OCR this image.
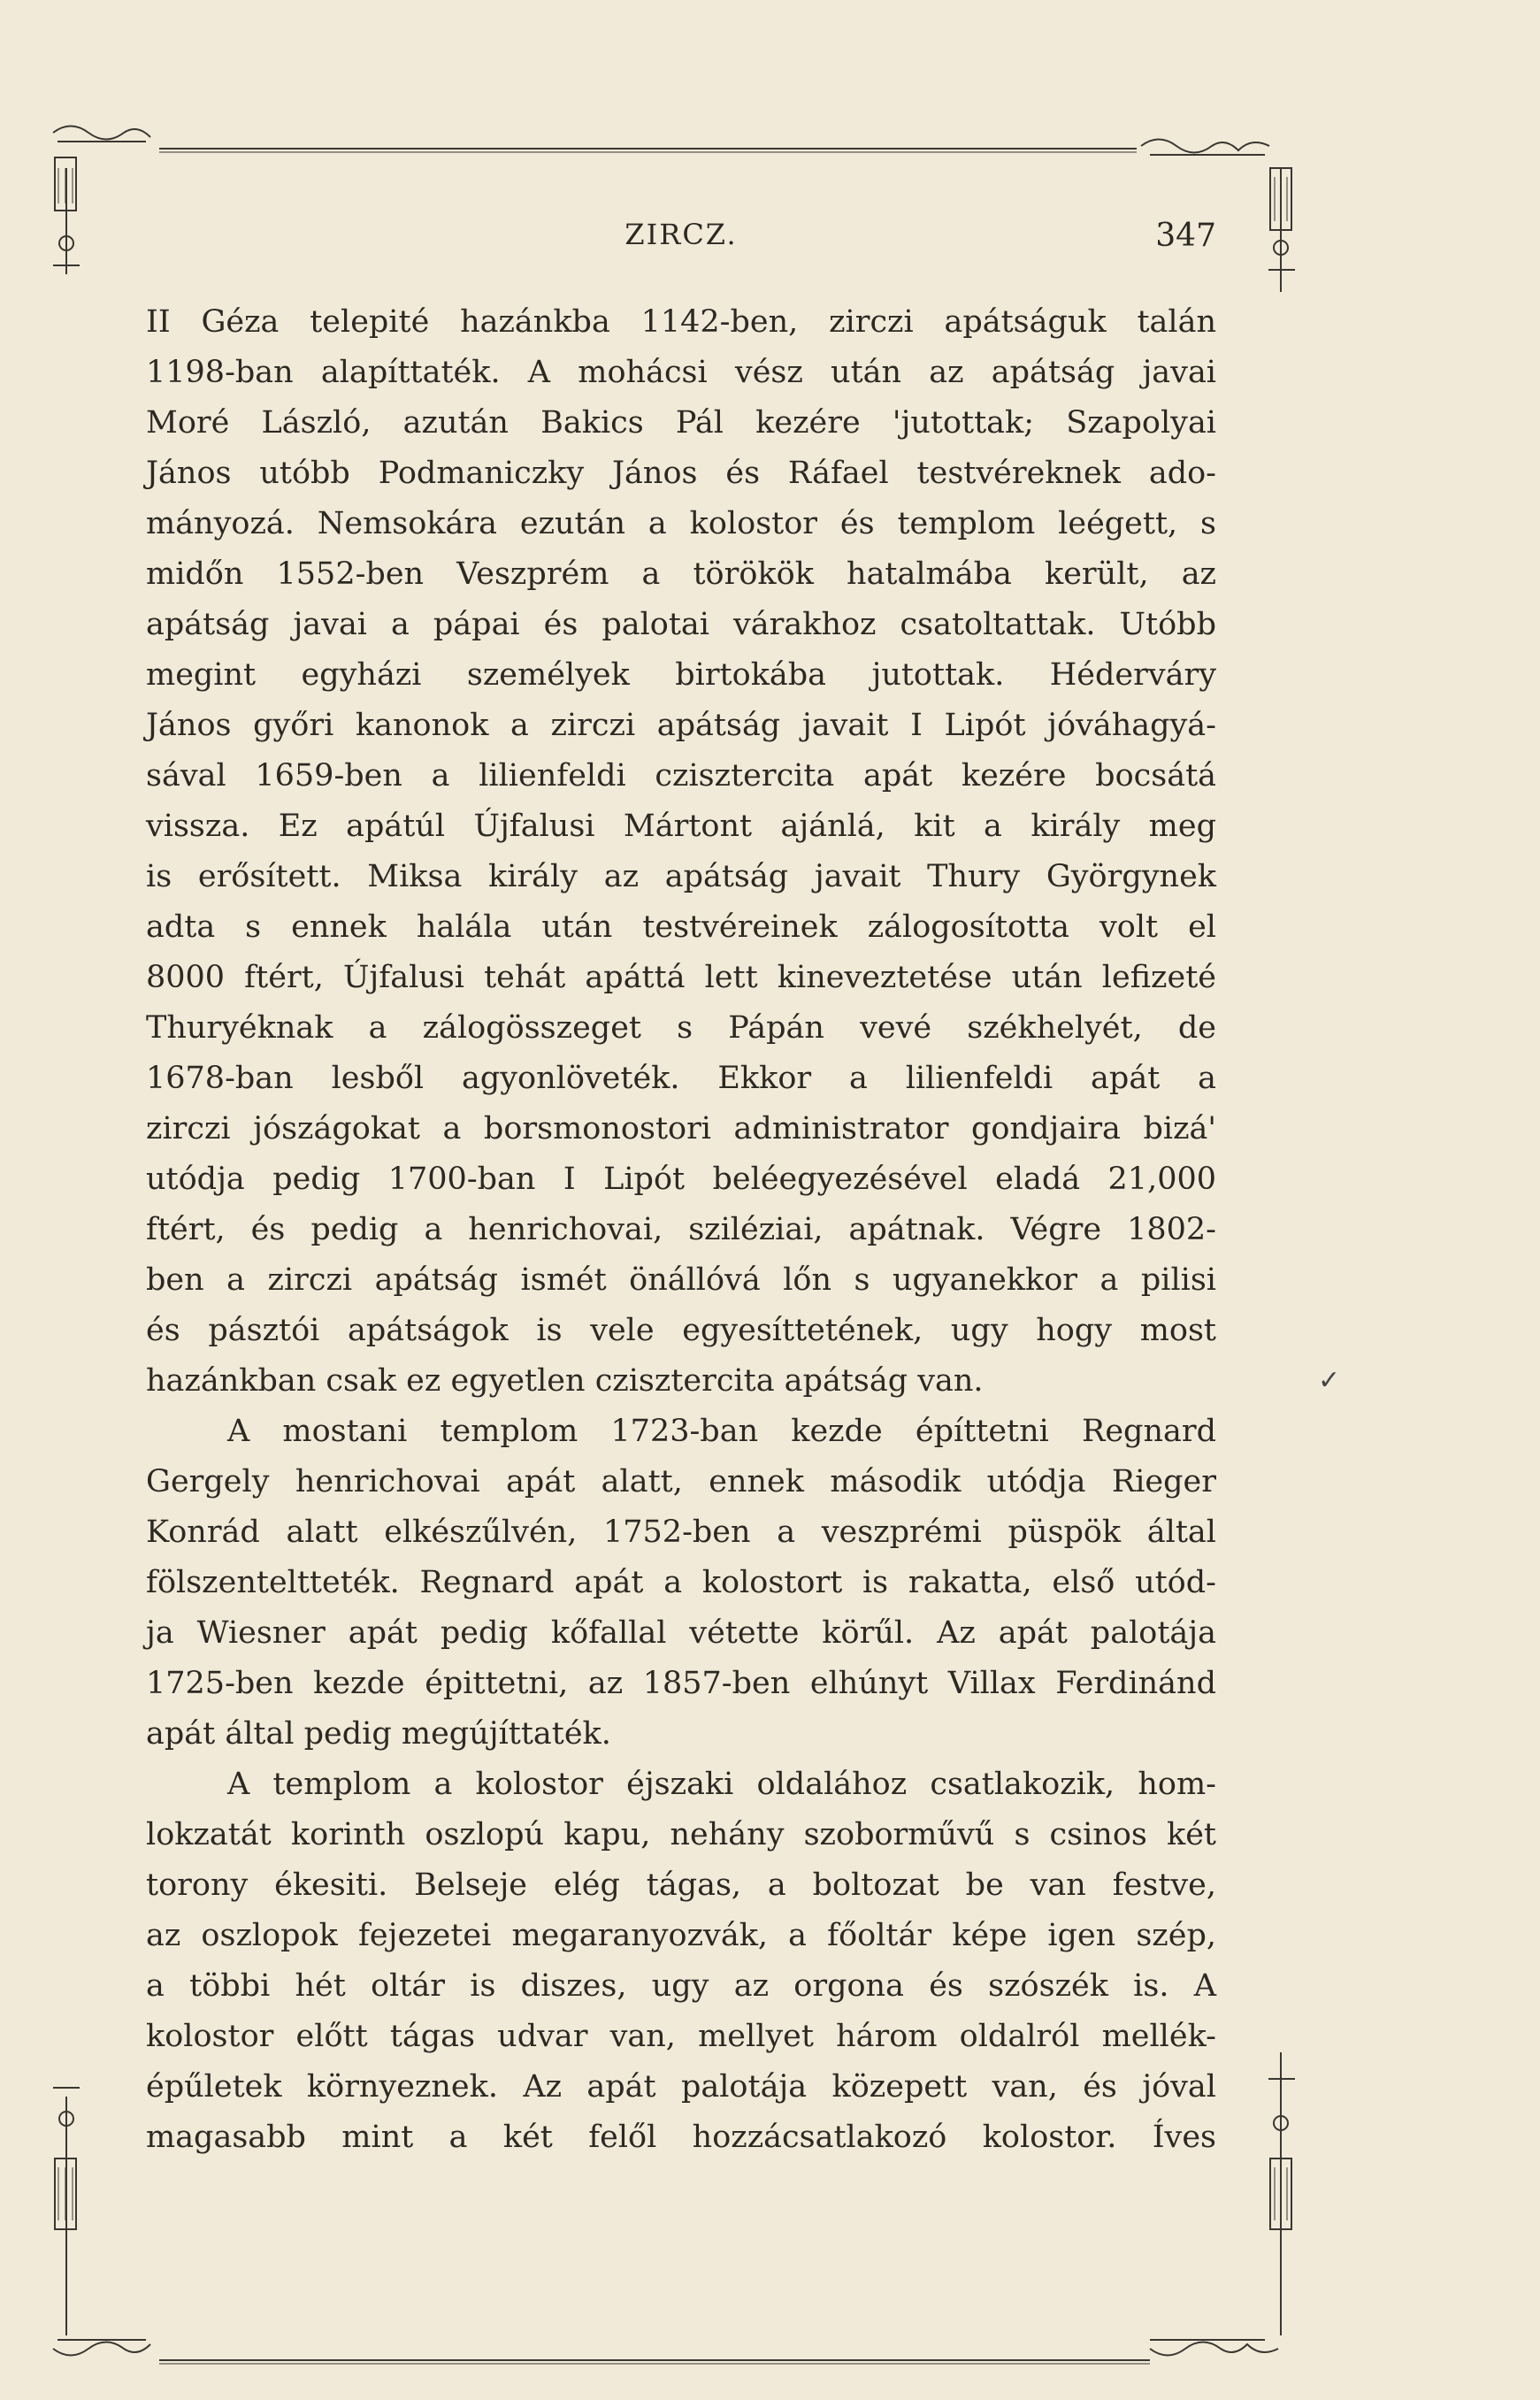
ZIRCZ.	347
II Géza telepité hazánkba 1142-ben, zirczi apátságuk talán
1198-ban alapíttaték. A mohácsi vész után az apátság javai
Moré László, azután Bakics Pál kezére 'jutottak; Szapolyai
János utóbb Podmaniczky János és Ráfael testvéreknek ado-
mányozá. Nemsokára ezután a kolostor és templom leégett, s
midőn 1552-ben Veszprém a törökök hatalmába került, az
apátság javai a pápai és palotai várakhoz csatoltattak. Utóbb
megint egyházi személyek birtokába jutottak. Héderváry
János győri kanonok a zirczi apátság javait I Lipót jóváhagyá-
sával 1659-ben a lilienfeldi czisztercita apát kezére bocsátá
vissza. Ez apátúl Újfalusi Mártont ajánlá, kit a király meg
is erősített. Miksa király az apátság javait Thury Györgynek
adta s ennek halála után testvéreinek zálogosította volt el
8000 ftért, Újfalusi tehát apáttá lett kineveztetése után lefizeté
Thuryéknak a zálogösszeget s Pápán vevé székhelyét, de
1678-ban lesből agyonlöveték. Ekkor a lilienfeldi apát a
zirczi jószágokat a borsmonostori administrator gondjaira bizá'
utódja pedig 1700-ban I Lipót beléegyezésével eladá 21,000
ftért, és pedig a henrichovai, sziléziai, apátnak. Végre 1802-
ben a zirczi apátság ismét önállóvá lőn s ugyanekkor a pilisi
és pásztói apátságok is vele egyesíttetének, ugy hogy most
hazánkban csak ez egyetlen czisztercita apátság van.
A mostani templom 1723-ban kezde építtetni Regnard
Gergely henrichovai apát alatt, ennek második utódja Rieger
Konrád alatt elkészűlvén, 1752-ben a veszprémi püspök által
fölszenteltteték. Regnard apát a kolostort is rakatta, első utód-
ja Wiesner apát pedig kőfallal vétette körűl. Az apát palotája
1725-ben kezde épittetni, az 1857-ben elhúnyt Villax Ferdinánd
apát által pedig megújíttaték.
A templom a kolostor éjszaki oldalához csatlakozik, hom-
lokzatát korinth oszlopú kapu, nehány szoborművű s csinos két
torony ékesiti. Belseje elég tágas, a boltozat be van festve,
az oszlopok fejezetei megaranyozvák, a főoltár képe igen szép,
a többi hét oltár is diszes, ugy az orgona és szószék is. A
kolostor előtt tágas udvar van, mellyet három oldalról mellék-
épűletek környeznek. Az apát palotája közepett van, és jóval
magasabb mint a két felől hozzácsatlakozó kolostor. Íves
✓
